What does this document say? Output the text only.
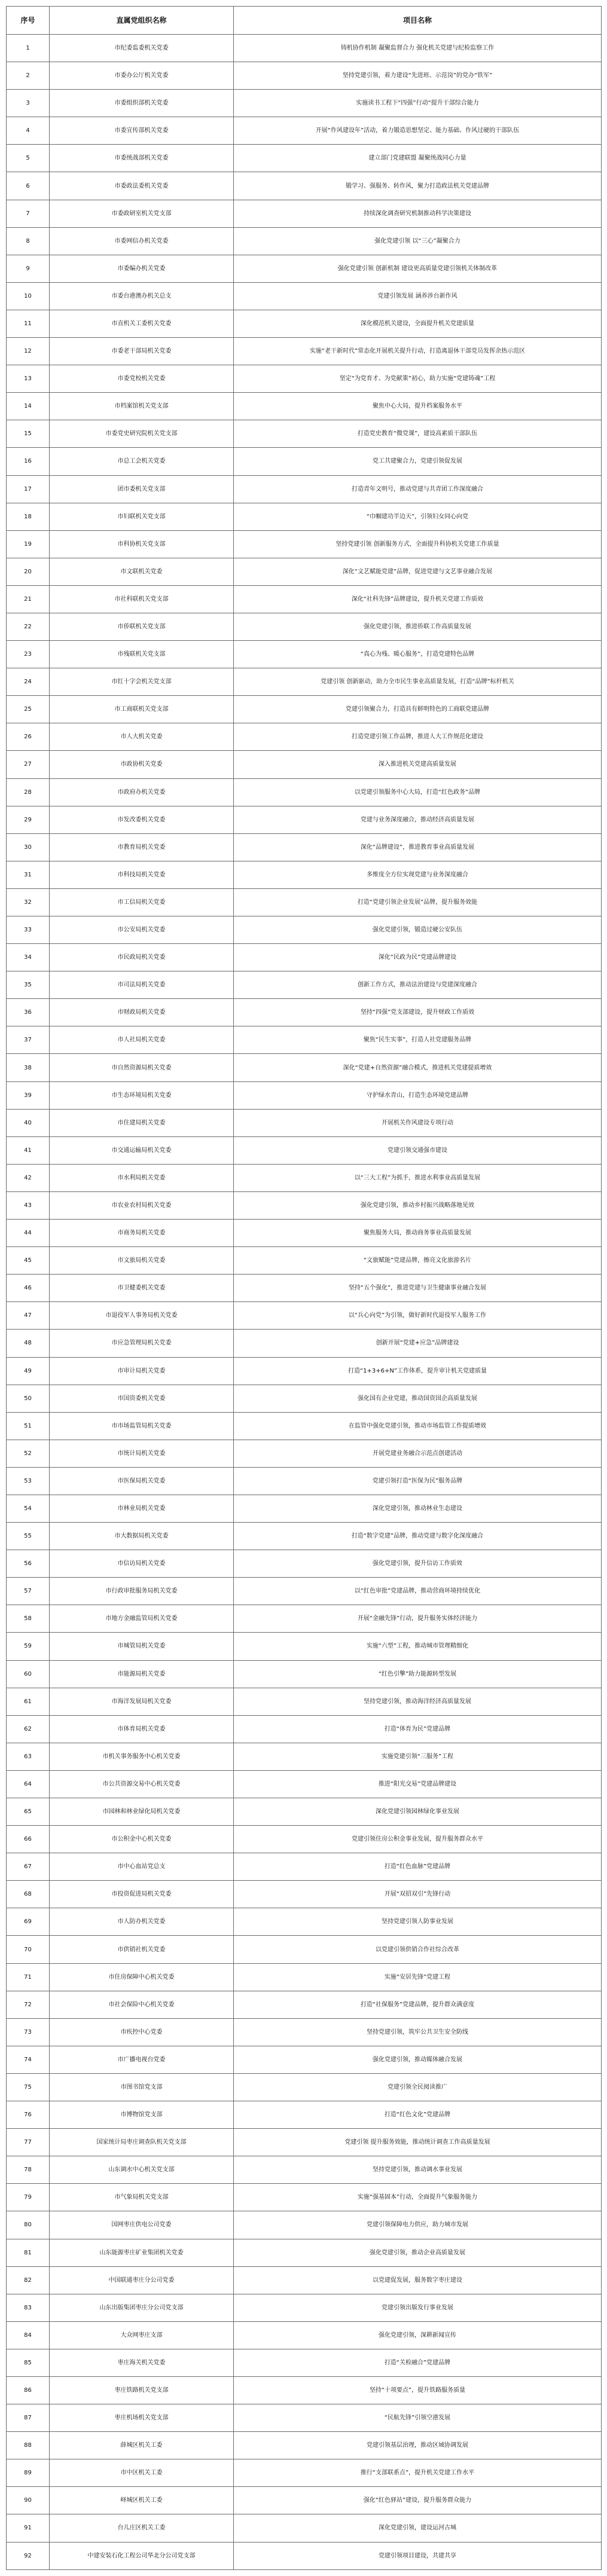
序号	直属党组织名称	项目名称
1	市纪委监委机关党委	铸机协作机制 凝聚监督合力 强化机关党建与纪检监察工作
2	市委办公厅机关党委	坚持党建引领，着力建设“先进班、示范岗”的党办“铁军”
3	市委组织部机关党委	实施读书工程下“四强”行动“提升干部综合能力
4	市委宣传部机关党委	开展“作风建设年”活动，着力锻造思想坚定、能力基础、作风过硬的干部队伍
5	市委统战部机关党委	建立部门党建联盟 凝聚统战同心力量
6	市委政法委机关党委	锻学习、强服务、转作风，聚力打造政法机关党建品牌
7	市委政研室机关党支部	持续深化调查研究机制推动科学决策建设
8	市委网信办机关党委	强化党建引领 以“三心”凝聚合力
9	市委编办机关党委	强化党建引领 创新机制 建设更高质量党建引领机关体制改革
10	市委台港澳办机关总支	党建引领发展 涵养涉台新作风
11	市直机关工委机关党委	深化模范机关建设，全面提升机关党建质量
12	市委老干部局机关党委	实施“老干新时代”常态化开展机关提升行动，打造离退休干部党员发挥余热示范区
13	市委党校机关党委	坚定“为党育才、为党献策”初心，助力实施“党建铸魂”工程
14	市档案馆机关党支部	聚焦中心大局，提升档案服务水平
15	市委党史研究院机关党支部	打造党史教育“微党课”，建设高素质干部队伍
16	市总工会机关党委	党工共建聚合力，党建引领促发展
17	团市委机关党支部	打造青年文明号，推动党建与共青团工作深度融合
18	市妇联机关党支部	“巾帼建功半边天”，引领妇女同心向党
19	市科协机关党支部	坚持党建引领 创新服务方式，全面提升科协机关党建工作质量
20	市文联机关党委	深化“文艺赋能党建”品牌，促进党建与文艺事业融合发展
21	市社科联机关党支部	深化“社科先锋”品牌建设，提升机关党建工作质效
22	市侨联机关党支部	强化党建引领，推进侨联工作高质量发展
23	市残联机关党支部	“真心为残、暖心服务”，打造党建特色品牌
24	市红十字会机关党支部	党建引领 创新驱动，助力全市民生事业高质量发展，打造“品牌”标杆机关
25	市工商联机关党支部	党建引领聚合力，打造具有鲜明特色的工商联党建品牌
26	市人大机关党委	打造党建引领工作品牌，推进人大工作规范化建设
27	市政协机关党委	深入推进机关党建高质量发展
28	市政府办机关党委	以党建引领服务中心大局，打造“红色政务”品牌
29	市发改委机关党委	党建与业务深度融合，推动经济高质量发展
30	市教育局机关党委	深化“品牌建设”，推进教育事业高质量发展
31	市科技局机关党委	多维度全方位实现党建与业务深度融合
32	市工信局机关党委	打造“党建引领企业发展”品牌，提升服务效能
33	市公安局机关党委	强化党建引领，锻造过硬公安队伍
34	市民政局机关党委	深化“民政为民”党建品牌建设
35	市司法局机关党委	创新工作方式，推动法治建设与党建深度融合
36	市财政局机关党委	坚持“四强”党支部建设，提升财政工作质效
37	市人社局机关党委	聚焦“民生实事”，打造人社党建服务品牌
38	市自然资源局机关党委	深化“党建+自然资源”融合模式，推进机关党建提质增效
39	市生态环境局机关党委	守护绿水青山，打造生态环境党建品牌
40	市住建局机关党委	开展机关作风建设专项行动
41	市交通运输局机关党委	党建引领交通强市建设
42	市水利局机关党委	以“三大工程”为抓手，推进水利事业高质量发展
43	市农业农村局机关党委	强化党建引领，推动乡村振兴战略落地见效
44	市商务局机关党委	聚焦服务大局，推动商务事业高质量发展
45	市文旅局机关党委	“文旅赋能”党建品牌，擦亮文化旅游名片
46	市卫健委机关党委	坚持“五个强化”，推进党建与卫生健康事业融合发展
47	市退役军人事务局机关党委	以“兵心向党”为引领，做好新时代退役军人服务工作
48	市应急管理局机关党委	创新开展“党建+应急”品牌建设
49	市审计局机关党委	打造“1+3+6+N”工作体系，提升审计机关党建质量
50	市国资委机关党委	强化国有企业党建，推动国资国企高质量发展
51	市市场监管局机关党委	在监管中强化党建引领，推动市场监管工作提质增效
52	市统计局机关党委	开展党建业务融合示范点创建活动
53	市医保局机关党委	党建引领打造“医保为民”服务品牌
54	市林业局机关党委	深化党建引领，推动林业生态建设
55	市大数据局机关党委	打造“数字党建”品牌，推动党建与数字化深度融合
56	市信访局机关党委	强化党建引领，提升信访工作质效
57	市行政审批服务局机关党委	以“红色审批”党建品牌，推动营商环境持续优化
58	市地方金融监管局机关党委	开展“金融先锋”行动，提升服务实体经济能力
59	市城管局机关党委	实施“六型”工程，推动城市管理精细化
60	市能源局机关党委	“红色引擎”助力能源转型发展
61	市海洋发展局机关党委	坚持党建引领，推动海洋经济高质量发展
62	市体育局机关党委	打造“体育为民”党建品牌
63	市机关事务服务中心机关党委	实施党建引领“三服务”工程
64	市公共资源交易中心机关党委	推进“阳光交易”党建品牌建设
65	市园林和林业绿化局机关党委	深化党建引领园林绿化事业发展
66	市公积金中心机关党委	党建引领住房公积金事业发展，提升服务群众水平
67	市中心血站党总支	打造“红色血脉”党建品牌
68	市投资促进局机关党委	开展“双招双引”先锋行动
69	市人防办机关党委	坚持党建引领人防事业发展
70	市供销社机关党委	以党建引领供销合作社综合改革
71	市住房保障中心机关党委	实施“安居先锋”党建工程
72	市社会保险中心机关党委	打造“社保服务”党建品牌，提升群众满意度
73	市疾控中心党委	坚持党建引领，筑牢公共卫生安全防线
74	市广播电视台党委	强化党建引领，推动媒体融合发展
75	市图书馆党支部	党建引领全民阅读推广
76	市博物馆党支部	打造“红色文化”党建品牌
77	国家统计局枣庄调查队机关党支部	党建引领 提升服务效能，推动统计调查工作高质量发展
78	山东调水中心机关党支部	坚持党建引领，推动调水事业发展
79	市气象局机关党支部	实施“强基固本”行动，全面提升气象服务能力
80	国网枣庄供电公司党委	党建引领保障电力供应，助力城市发展
81	山东能源枣庄矿业集团机关党委	强化党建引领，推动企业高质量发展
82	中国联通枣庄分公司党委	以党建促发展，服务数字枣庄建设
83	山东出版集团枣庄分公司党支部	党建引领出版发行事业发展
84	大众网枣庄支部	强化党建引领，深耕新闻宣传
85	枣庄海关机关党委	打造“关检融合”党建品牌
86	枣庄铁路机关党支部	坚持“十项要点”，提升铁路服务质量
87	枣庄机场机关党支部	“民航先锋”引领空港发展
88	薛城区机关工委	党建引领基层治理，推动区域协调发展
89	市中区机关工委	推行“支部联系点”，提升机关党建工作水平
90	峄城区机关工委	强化“红色驿站”建设，提升服务群众能力
91	台儿庄区机关工委	深化党建引领，建设运河古城
92	中建安装石化工程公司华北分公司党支部	党建引领项目建设，共建共享
